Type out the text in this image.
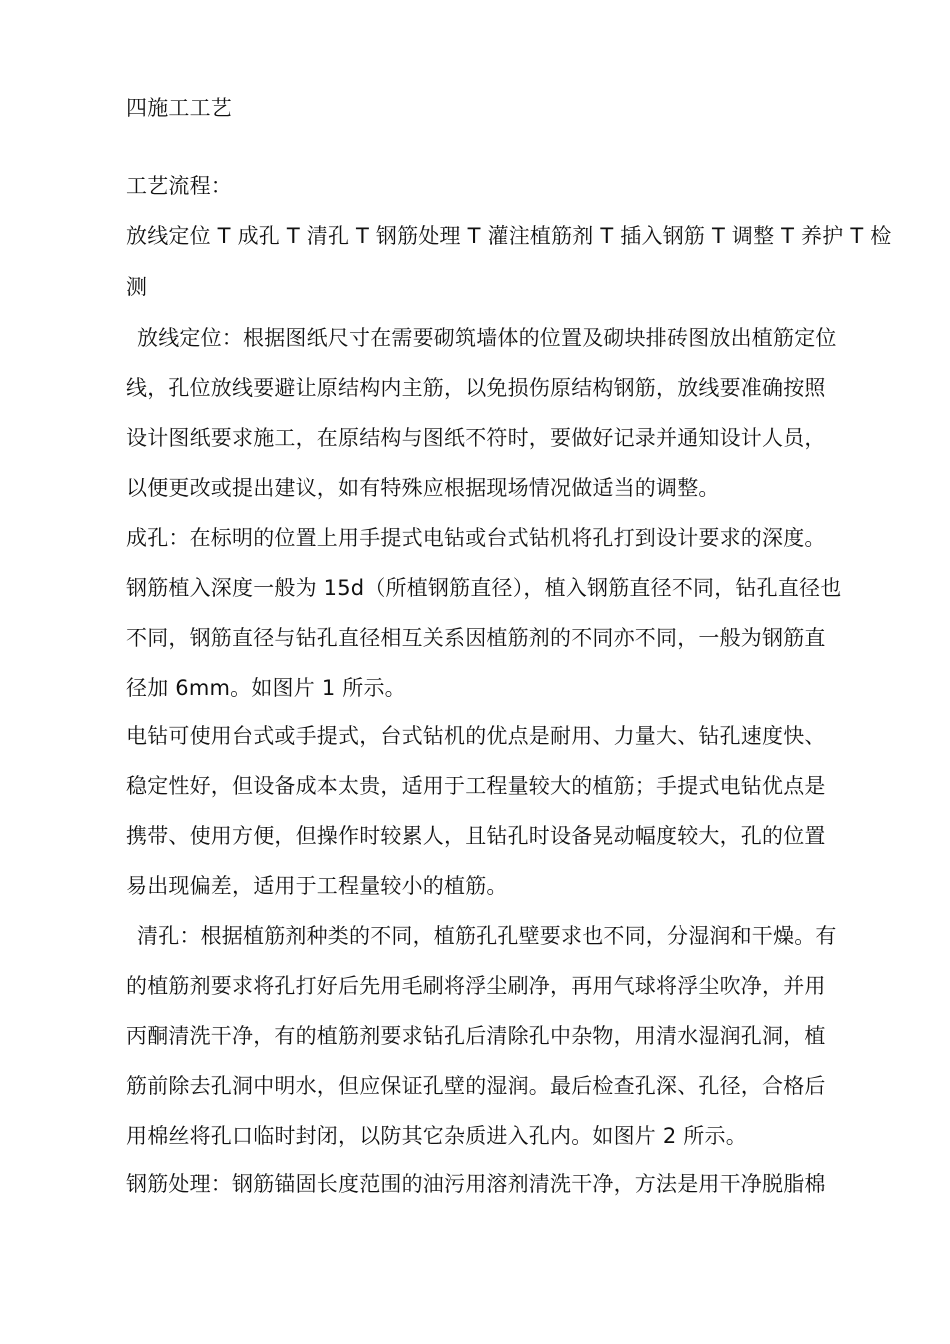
四施工工艺
工艺流程：
放线定位 T 成孔 T 清孔 T 钢筋处理 T 灌注植筋剂 T 插入钢筋 T 调整 T 养护 T 检
测
放线定位：根据图纸尺寸在需要砌筑墙体的位置及砌块排砖图放出植筋定位
线，孔位放线要避让原结构内主筋，以免损伤原结构钢筋，放线要准确按照
设计图纸要求施工，在原结构与图纸不符时，要做好记录并通知设计人员，
以便更改或提出建议，如有特殊应根据现场情况做适当的调整。
成孔：在标明的位置上用手提式电钻或台式钻机将孔打到设计要求的深度。
钢筋植入深度一般为 15d（所植钢筋直径），植入钢筋直径不同，钻孔直径也
不同，钢筋直径与钻孔直径相互关系因植筋剂的不同亦不同，一般为钢筋直
径加 6mm。如图片 1 所示。
电钻可使用台式或手提式，台式钻机的优点是耐用、力量大、钻孔速度快、
稳定性好，但设备成本太贵，适用于工程量较大的植筋；手提式电钻优点是
携带、使用方便，但操作时较累人，且钻孔时设备晃动幅度较大，孔的位置
易出现偏差，适用于工程量较小的植筋。
清孔：根据植筋剂种类的不同，植筋孔孔壁要求也不同，分湿润和干燥。有
的植筋剂要求将孔打好后先用毛刷将浮尘刷净，再用气球将浮尘吹净，并用
丙酮清洗干净，有的植筋剂要求钻孔后清除孔中杂物，用清水湿润孔洞，植
筋前除去孔洞中明水，但应保证孔壁的湿润。最后检查孔深、孔径，合格后
用棉丝将孔口临时封闭，以防其它杂质进入孔内。如图片 2 所示。
钢筋处理：钢筋锚固长度范围的油污用溶剂清洗干净，方法是用干净脱脂棉
